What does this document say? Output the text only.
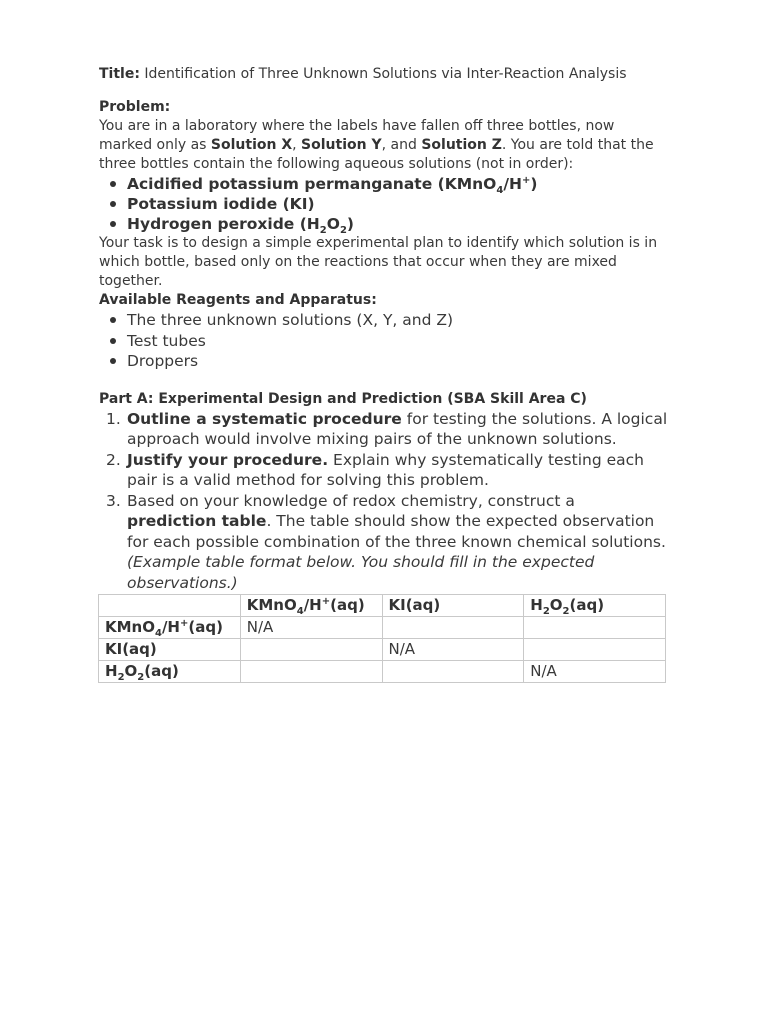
Title: Identification of Three Unknown Solutions via Inter-Reaction Analysis

Problem:

You are in a laboratory where the labels have fallen off three bottles, now marked only as Solution X, Solution Y, and Solution Z. You are told that the three bottles contain the following aqueous solutions (not in order):

Acidified potassium permanganate (KMnO$_4$/H+)
Potassium iodide (KI)
Hydrogen peroxide $(H_2O_2)$

Your task is to design a simple experimental plan to identify which solution is in which bottle, based only on the reactions that occur when they are mixed together.

Available Reagents and Apparatus:

The three unknown solutions (X, Y, and Z)
Test tubes
Droppers

Part A: Experimental Design and Prediction (SBA Skill Area C)

1. Outline a systematic procedure for testing the solutions. A logical approach would involve mixing pairs of the unknown solutions.
2. Justify your procedure. Explain why systematically testing each pair is a valid method for solving this problem.
3. Based on your knowledge of redox chemistry, construct a prediction table. The table should show the expected observation for each possible combination of the three known chemical solutions. (Example table format below. You should fill in the expected observations.)
	KMnO$_4$/H+(aq)	KI(aq)	$H_2O_2(aq)$
KMnO$_4$/H+(aq)	N/A		
KI(aq)		N/A	
$H_2O_2(aq)$			N/A
